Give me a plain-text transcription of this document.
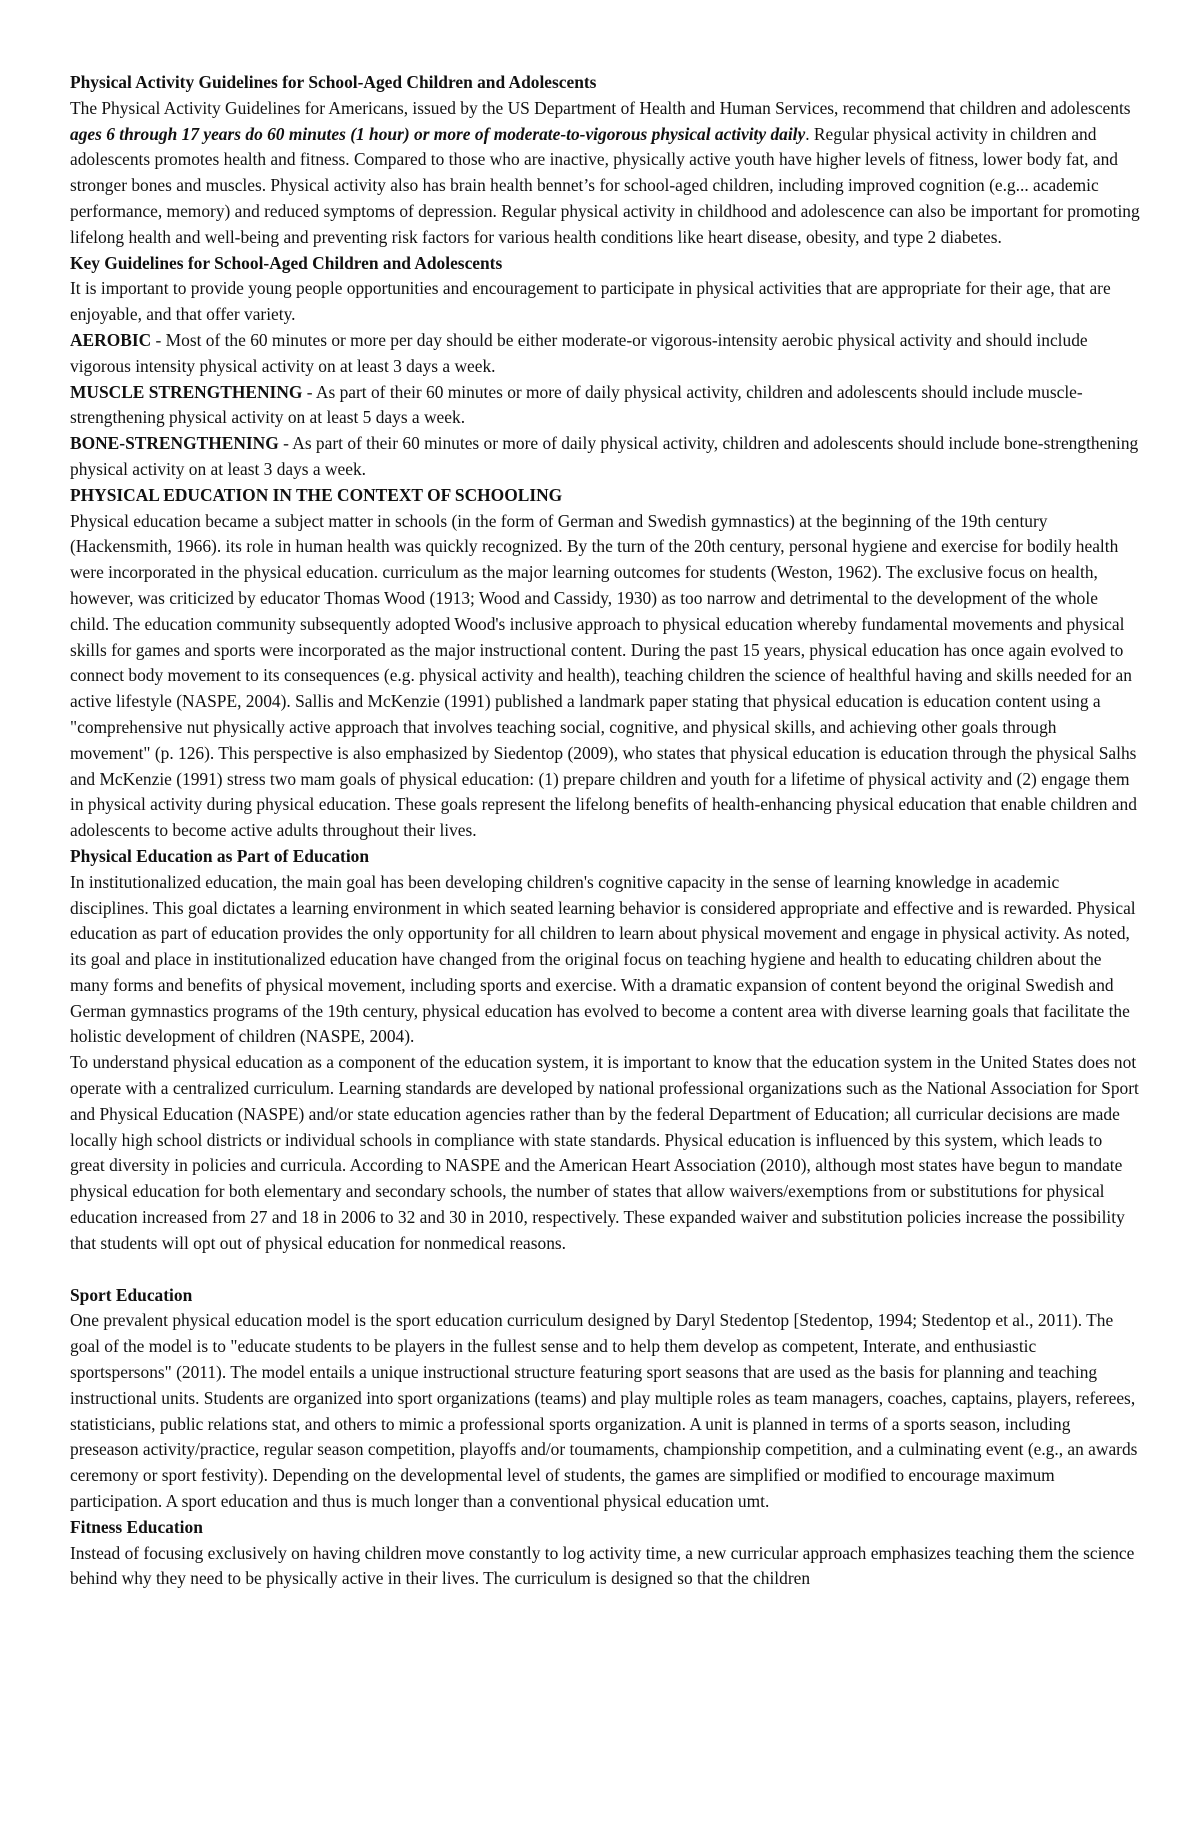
Physical Activity Guidelines for School-Aged Children and Adolescents

The Physical Activity Guidelines for Americans, issued by the US Department of Health and Human Services, recommend that children and adolescents ages 6 through 17 years do 60 minutes (1 hour) or more of moderate-to-vigorous physical activity daily. Regular physical activity in children and adolescents promotes health and fitness. Compared to those who are inactive, physically active youth have higher levels of fitness, lower body fat, and stronger bones and muscles. Physical activity also has brain health bennet’s for school-aged children, including improved cognition (e.g... academic performance, memory) and reduced symptoms of depression. Regular physical activity in childhood and adolescence can also be important for promoting lifelong health and well-being and preventing risk factors for various health conditions like heart disease, obesity, and type 2 diabetes.

Key Guidelines for School-Aged Children and Adolescents

It is important to provide young people opportunities and encouragement to participate in physical activities that are appropriate for their age, that are enjoyable, and that offer variety.

AEROBIC - Most of the 60 minutes or more per day should be either moderate-or vigorous-intensity aerobic physical activity and should include vigorous intensity physical activity on at least 3 days a week.

MUSCLE STRENGTHENING - As part of their 60 minutes or more of daily physical activity, children and adolescents should include muscle-strengthening physical activity on at least 5 days a week.

BONE-STRENGTHENING - As part of their 60 minutes or more of daily physical activity, children and adolescents should include bone-strengthening physical activity on at least 3 days a week.

PHYSICAL EDUCATION IN THE CONTEXT OF SCHOOLING

Physical education became a subject matter in schools (in the form of German and Swedish gymnastics) at the beginning of the 19th century (Hackensmith, 1966). its role in human health was quickly recognized. By the turn of the 20th century, personal hygiene and exercise for bodily health were incorporated in the physical education. curriculum as the major learning outcomes for students (Weston, 1962). The exclusive focus on health, however, was criticized by educator Thomas Wood (1913; Wood and Cassidy, 1930) as too narrow and detrimental to the development of the whole child. The education community subsequently adopted Wood's inclusive approach to physical education whereby fundamental movements and physical skills for games and sports were incorporated as the major instructional content. During the past 15 years, physical education has once again evolved to connect body movement to its consequences (e.g. physical activity and health), teaching children the science of healthful having and skills needed for an active lifestyle (NASPE, 2004). Sallis and McKenzie (1991) published a landmark paper stating that physical education is education content using a "comprehensive nut physically active approach that involves teaching social, cognitive, and physical skills, and achieving other goals through movement" (p. 126). This perspective is also emphasized by Siedentop (2009), who states that physical education is education through the physical Salhs and McKenzie (1991) stress two mam goals of physical education: (1) prepare children and youth for a lifetime of physical activity and (2) engage them in physical activity during physical education. These goals represent the lifelong benefits of health-enhancing physical education that enable children and adolescents to become active adults throughout their lives.

Physical Education as Part of Education

In institutionalized education, the main goal has been developing children's cognitive capacity in the sense of learning knowledge in academic disciplines. This goal dictates a learning environment in which seated learning behavior is considered appropriate and effective and is rewarded. Physical education as part of education provides the only opportunity for all children to learn about physical movement and engage in physical activity. As noted, its goal and place in institutionalized education have changed from the original focus on teaching hygiene and health to educating children about the many forms and benefits of physical movement, including sports and exercise. With a dramatic expansion of content beyond the original Swedish and German gymnastics programs of the 19th century, physical education has evolved to become a content area with diverse learning goals that facilitate the holistic development of children (NASPE, 2004).

To understand physical education as a component of the education system, it is important to know that the education system in the United States does not operate with a centralized curriculum. Learning standards are developed by national professional organizations such as the National Association for Sport and Physical Education (NASPE) and/or state education agencies rather than by the federal Department of Education; all curricular decisions are made locally high school districts or individual schools in compliance with state standards. Physical education is influenced by this system, which leads to great diversity in policies and curricula. According to NASPE and the American Heart Association (2010), although most states have begun to mandate physical education for both elementary and secondary schools, the number of states that allow waivers/exemptions from or substitutions for physical education increased from 27 and 18 in 2006 to 32 and 30 in 2010, respectively. These expanded waiver and substitution policies increase the possibility that students will opt out of physical education for nonmedical reasons.

Sport Education

One prevalent physical education model is the sport education curriculum designed by Daryl Stedentop [Stedentop, 1994; Stedentop et al., 2011). The goal of the model is to "educate students to be players in the fullest sense and to help them develop as competent, Interate, and enthusiastic sportspersons" (2011). The model entails a unique instructional structure featuring sport seasons that are used as the basis for planning and teaching instructional units. Students are organized into sport organizations (teams) and play multiple roles as team managers, coaches, captains, players, referees, statisticians, public relations stat, and others to mimic a professional sports organization. A unit is planned in terms of a sports season, including preseason activity/practice, regular season competition, playoffs and/or toumaments, championship competition, and a culminating event (e.g., an awards ceremony or sport festivity). Depending on the developmental level of students, the games are simplified or modified to encourage maximum participation. A sport education and thus is much longer than a conventional physical education umt.

Fitness Education

Instead of focusing exclusively on having children move constantly to log activity time, a new curricular approach emphasizes teaching them the science behind why they need to be physically active in their lives. The curriculum is designed so that the children
